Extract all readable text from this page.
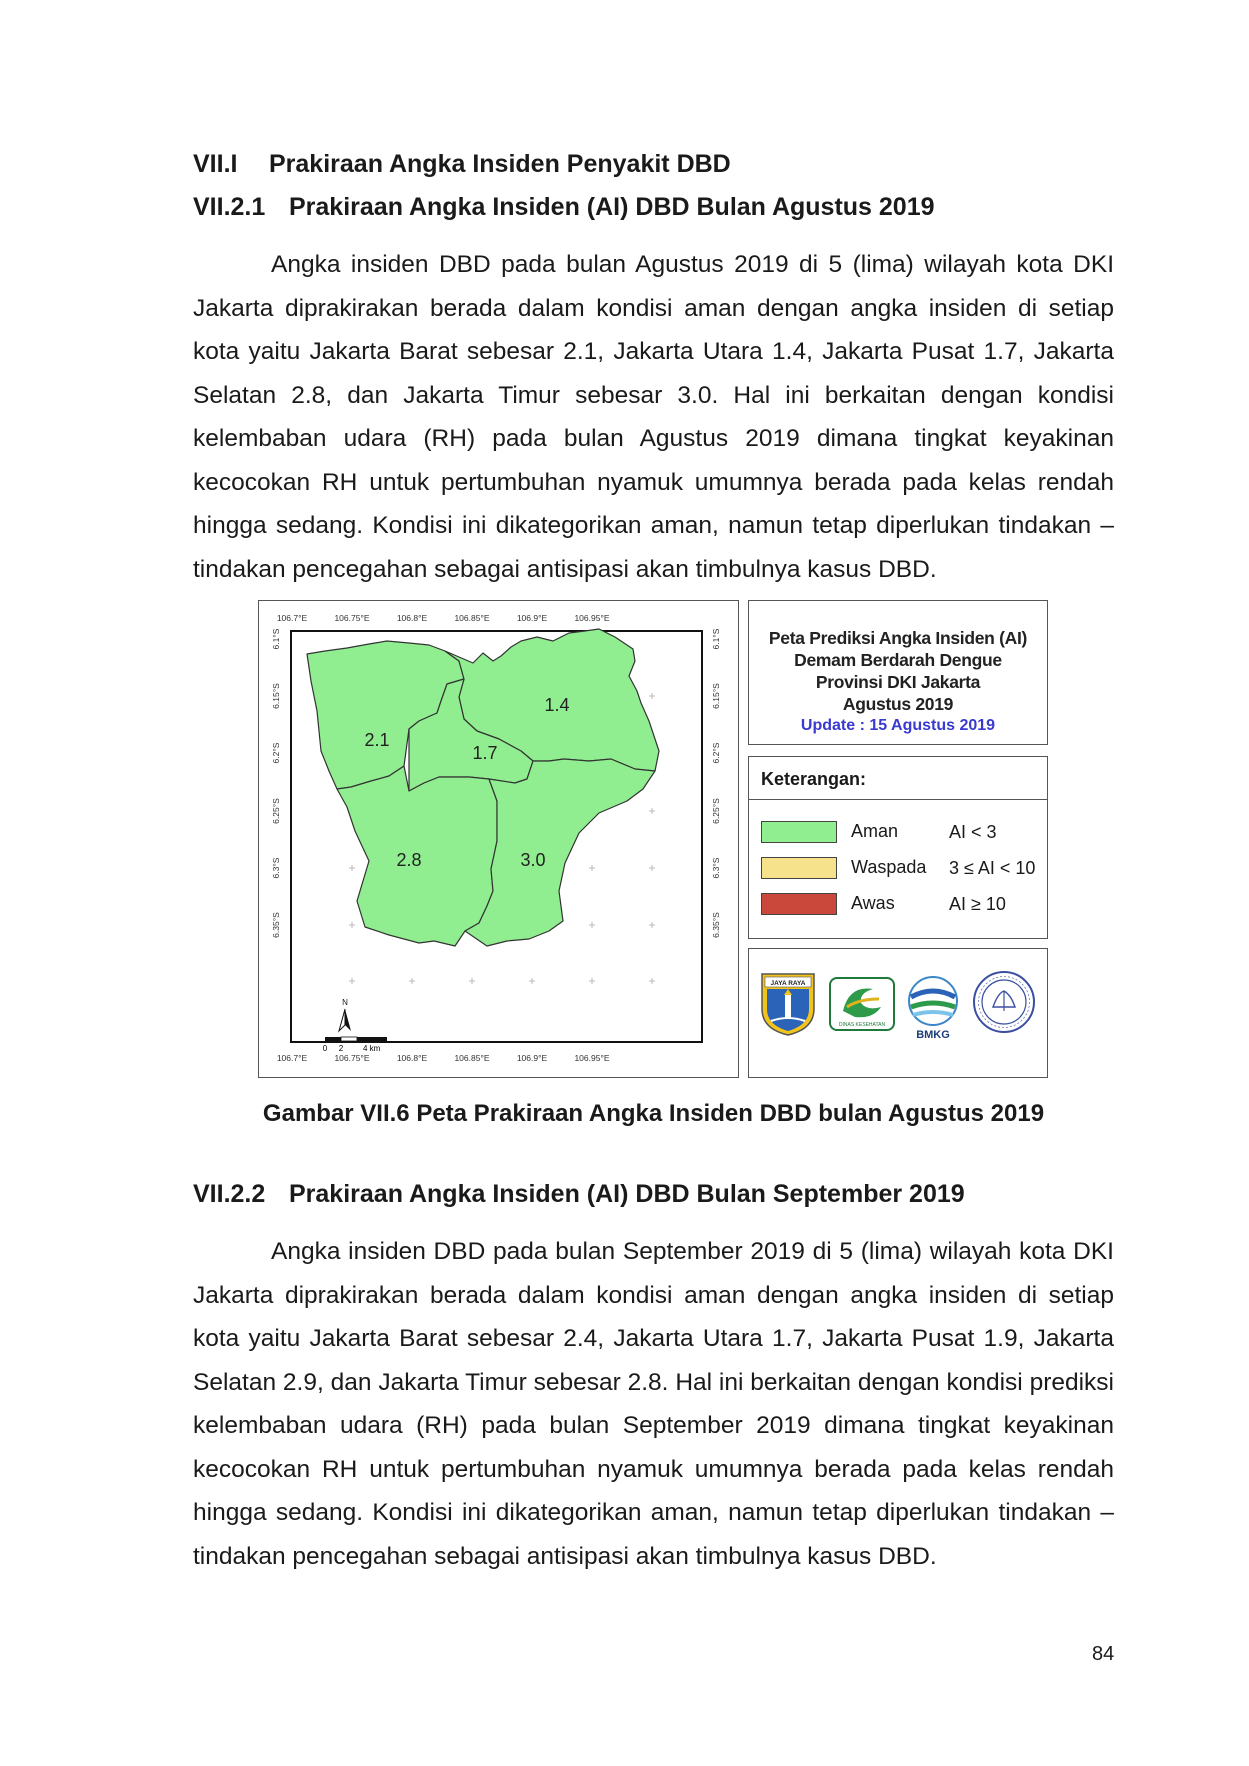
VII.I Prakiraan Angka Insiden Penyakit DBD
VII.2.1 Prakiraan Angka Insiden (AI) DBD Bulan Agustus 2019

Angka insiden DBD pada bulan Agustus 2019 di 5 (lima) wilayah kota DKI Jakarta diprakirakan berada dalam kondisi aman dengan angka insiden di setiap kota yaitu Jakarta Barat sebesar 2.1, Jakarta Utara 1.4, Jakarta Pusat 1.7, Jakarta Selatan 2.8, dan Jakarta Timur sebesar 3.0. Hal ini berkaitan dengan kondisi kelembaban udara (RH) pada bulan Agustus 2019 dimana tingkat keyakinan kecocokan RH untuk pertumbuhan nyamuk umumnya berada pada kelas rendah hingga sedang. Kondisi ini dikategorikan aman, namun tetap diperlukan tindakan – tindakan pencegahan sebagai antisipasi akan timbulnya kasus DBD.

106.7°E	106.75°E	106.8°E	106.85°E	106.9°E	106.95°E
106.7°E	106.75°E	106.8°E	106.85°E	106.9°E	106.95°E
6.1°S
6.15°S
6.2°S
6.25°S
6.3°S
6.35°S
6.1°S
6.15°S
6.2°S
6.25°S
6.3°S
6.35°S
2.1
1.4
1.7
2.8	3.0
N
0 2 4 km
Peta Prediksi Angka Insiden (AI)
Demam Berdarah Dengue
Provinsi DKI Jakarta
Agustus 2019
Update : 15 Agustus 2019
Keterangan:
Aman	AI < 3
Waspada 3 ≤ AI < 10
Awas	AI ≥ 10
JAYA RAYA
DINAS KESEHATAN
BMKG
Gambar VII.6 Peta Prakiraan Angka Insiden DBD bulan Agustus 2019
VII.2.2 Prakiraan Angka Insiden (AI) DBD Bulan September 2019

Angka insiden DBD pada bulan September 2019 di 5 (lima) wilayah kota DKI Jakarta diprakirakan berada dalam kondisi aman dengan angka insiden di setiap kota yaitu Jakarta Barat sebesar 2.4, Jakarta Utara 1.7, Jakarta Pusat 1.9, Jakarta Selatan 2.9, dan Jakarta Timur sebesar 2.8. Hal ini berkaitan dengan kondisi prediksi kelembaban udara (RH) pada bulan September 2019 dimana tingkat keyakinan kecocokan RH untuk pertumbuhan nyamuk umumnya berada pada kelas rendah hingga sedang. Kondisi ini dikategorikan aman, namun tetap diperlukan tindakan – tindakan pencegahan sebagai antisipasi akan timbulnya kasus DBD.

84
